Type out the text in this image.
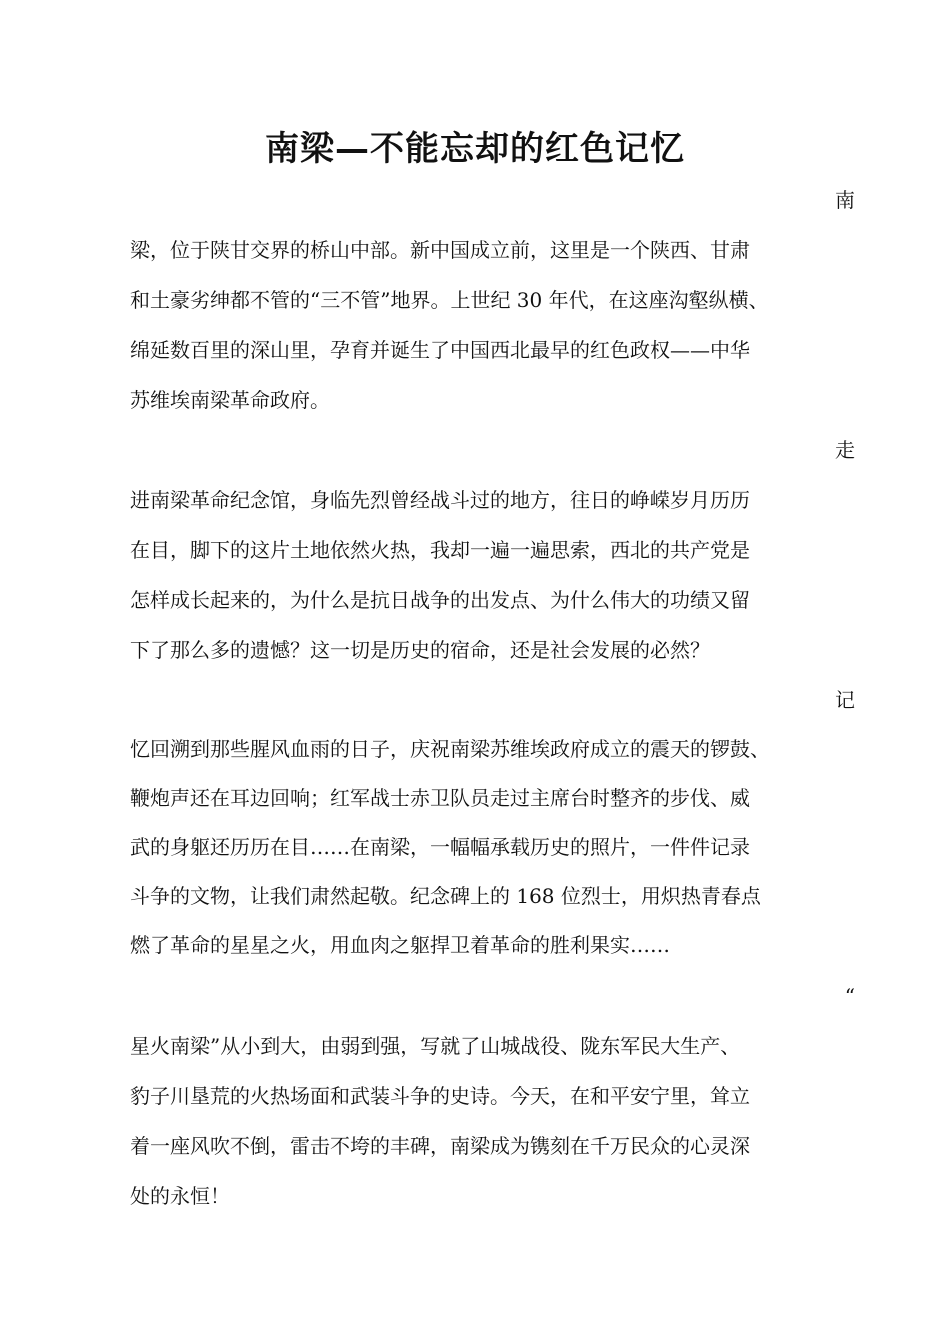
南梁—不能忘却的红色记忆

南

梁，位于陕甘交界的桥山中部。新中国成立前，这里是一个陕西、甘肃

和土豪劣绅都不管的“三不管”地界。上世纪 30 年代，在这座沟壑纵横、

绵延数百里的深山里，孕育并诞生了中国西北最早的红色政权——中华

苏维埃南梁革命政府。

走

进南梁革命纪念馆，身临先烈曾经战斗过的地方，往日的峥嵘岁月历历

在目，脚下的这片土地依然火热，我却一遍一遍思索，西北的共产党是

怎样成长起来的，为什么是抗日战争的出发点、为什么伟大的功绩又留

下了那么多的遗憾？这一切是历史的宿命，还是社会发展的必然？

记

忆回溯到那些腥风血雨的日子，庆祝南梁苏维埃政府成立的震天的锣鼓、

鞭炮声还在耳边回响；红军战士赤卫队员走过主席台时整齐的步伐、威

武的身躯还历历在目……在南梁，一幅幅承载历史的照片，一件件记录

斗争的文物，让我们肃然起敬。纪念碑上的 168 位烈士，用炽热青春点

燃了革命的星星之火，用血肉之躯捍卫着革命的胜利果实……

“

星火南梁”从小到大，由弱到强，写就了山城战役、陇东军民大生产、

豹子川垦荒的火热场面和武装斗争的史诗。今天，在和平安宁里，耸立

着一座风吹不倒，雷击不垮的丰碑，南梁成为镌刻在千万民众的心灵深

处的永恒！
